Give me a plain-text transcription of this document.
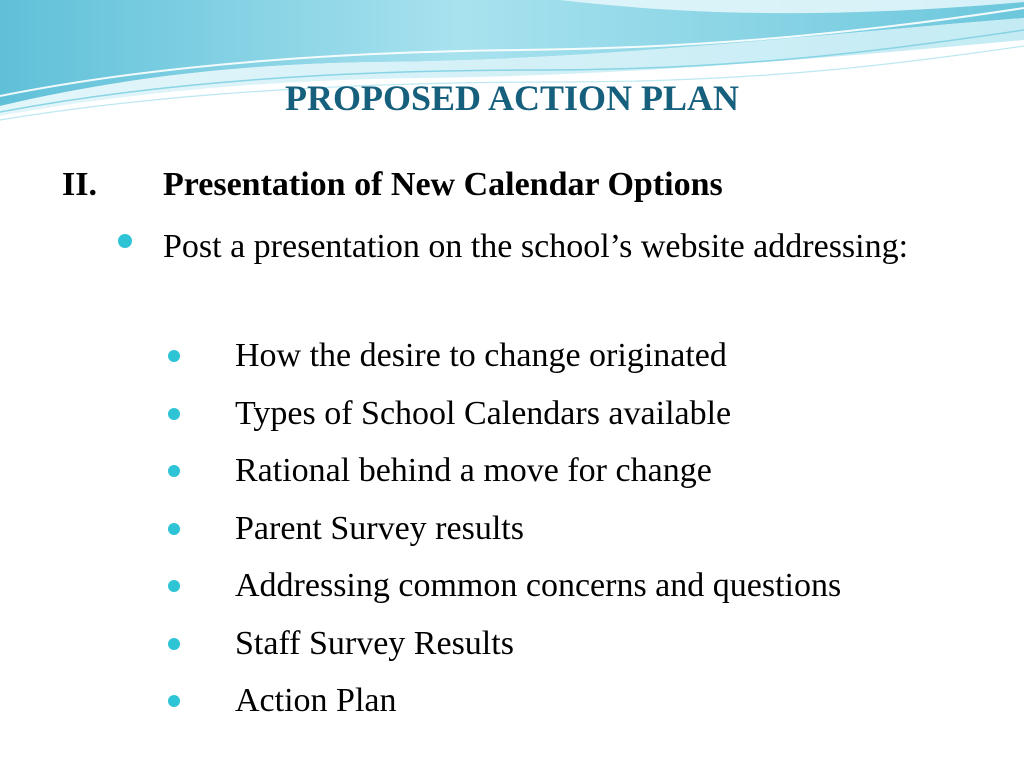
PROPOSED ACTION PLAN
II. Presentation of New Calendar Options
Post a presentation on the school’s website addressing:
How the desire to change originated
Types of School Calendars available
Rational behind a move for change
Parent Survey results
Addressing common concerns and questions
Staff Survey Results
Action Plan
